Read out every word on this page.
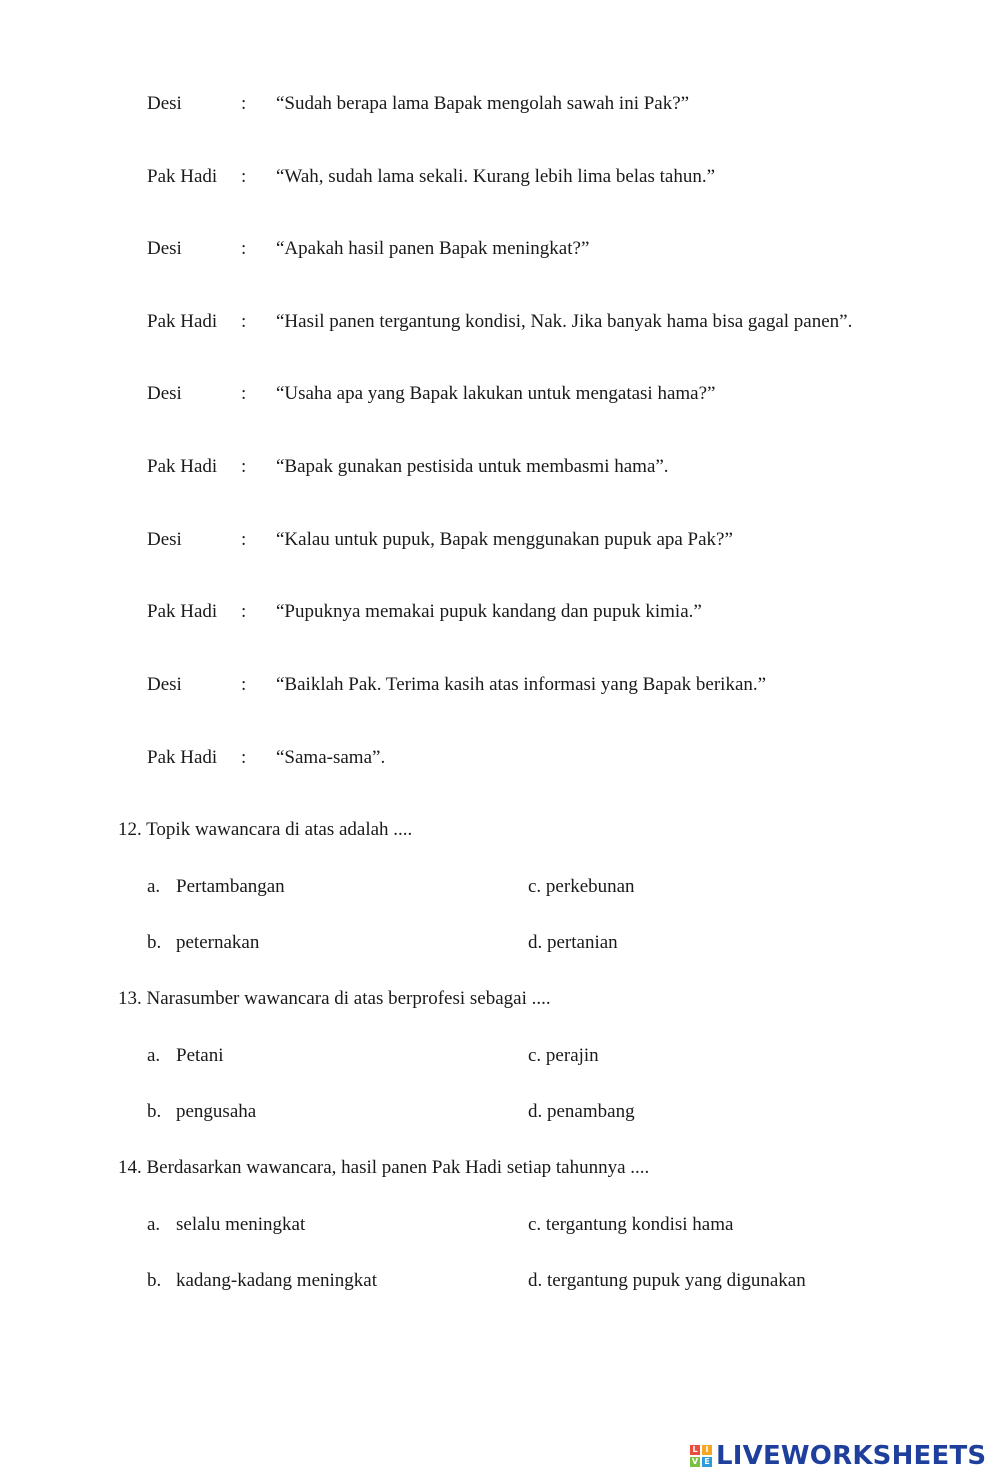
Desi	: “Sudah berapa lama Bapak mengolah sawah ini Pak?”
Pak Hadi : “Wah, sudah lama sekali. Kurang lebih lima belas tahun.”
Desi	: “Apakah hasil panen Bapak meningkat?”
Pak Hadi : “Hasil panen tergantung kondisi, Nak. Jika banyak hama bisa gagal panen”.
Desi	: “Usaha apa yang Bapak lakukan untuk mengatasi hama?”
Pak Hadi : “Bapak gunakan pestisida untuk membasmi hama”.
Desi	: “Kalau untuk pupuk, Bapak menggunakan pupuk apa Pak?”
Pak Hadi : “Pupuknya memakai pupuk kandang dan pupuk kimia.”
Desi	: “Baiklah Pak. Terima kasih atas informasi yang Bapak berikan.”
Pak Hadi : “Sama-sama”.
12. Topik wawancara di atas adalah ....
a. Pertambangan	c. perkebunan
b. peternakan	d. pertanian
13. Narasumber wawancara di atas berprofesi sebagai ....
a. Petani	c. perajin
b. pengusaha	d. penambang
14. Berdasarkan wawancara, hasil panen Pak Hadi setiap tahunnya ....
a. selalu meningkat	c. tergantung kondisi hama
b. kadang-kadang meningkat	d. tergantung pupuk yang digunakan
L I
V E LIVEWORKSHEETS
